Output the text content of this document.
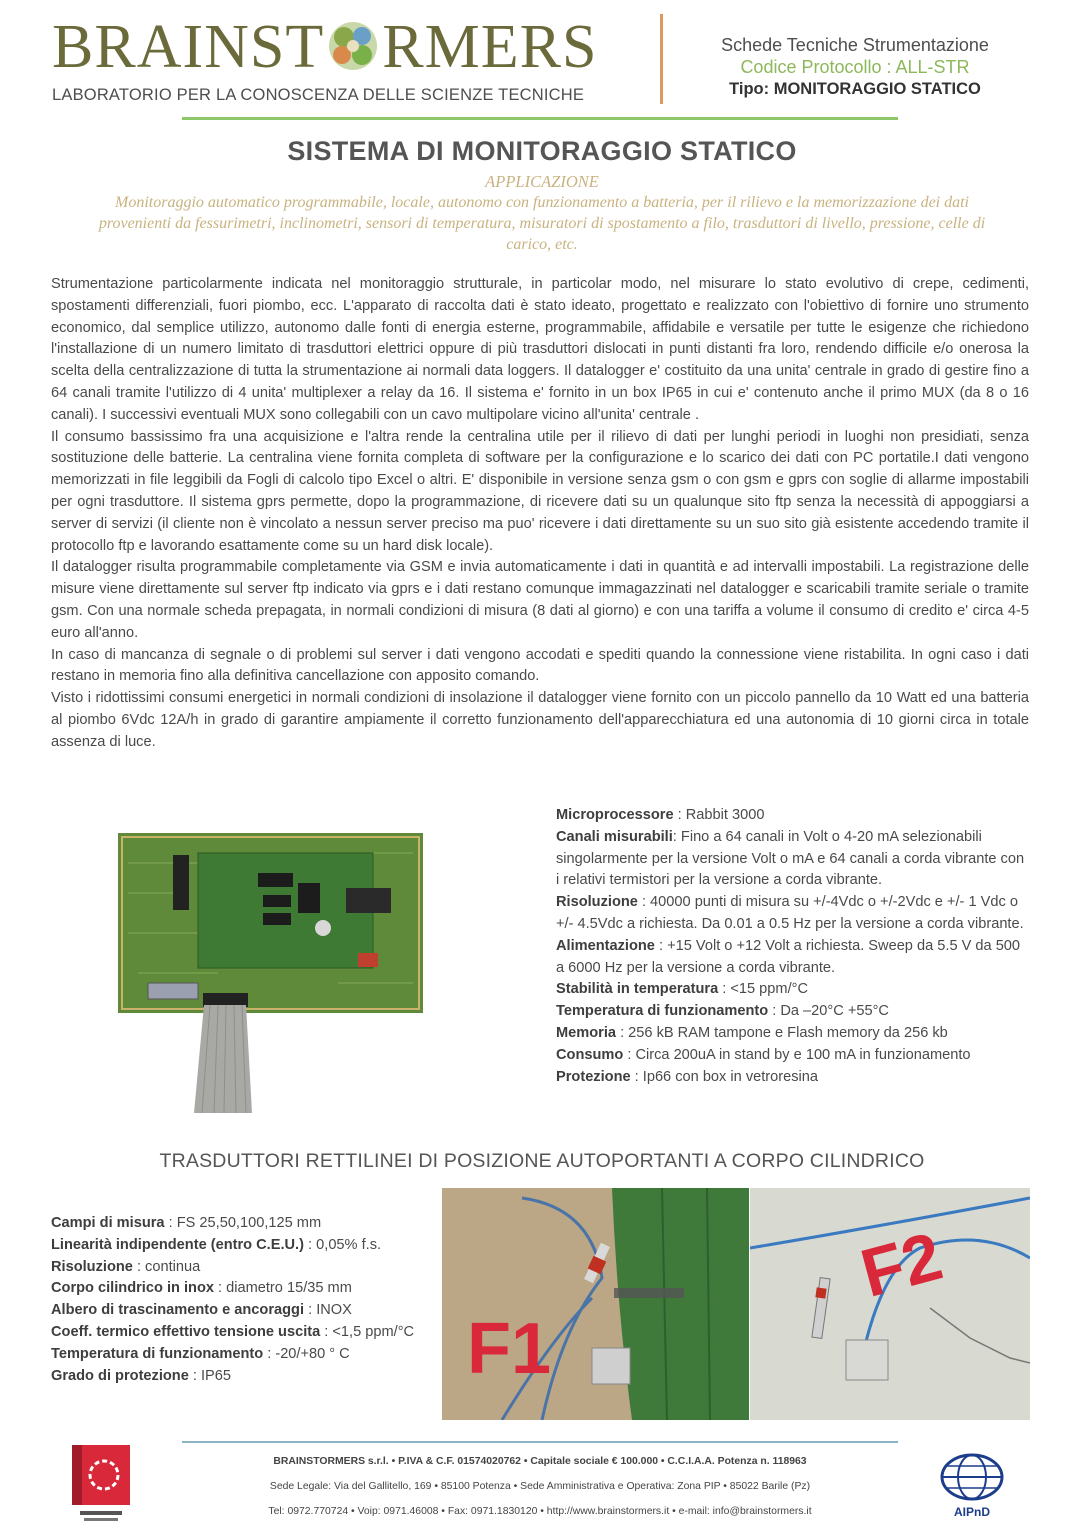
BRAINST RMERS
LABORATORIO PER LA CONOSCENZA DELLE SCIENZE TECNICHE
Schede Tecniche Strumentazione
Codice Protocollo : ALL-STR
Tipo: MONITORAGGIO STATICO
SISTEMA DI MONITORAGGIO STATICO
APPLICAZIONE
Monitoraggio automatico programmabile, locale, autonomo con funzionamento a batteria, per il rilievo e la memorizzazione dei dati provenienti da fessurimetri, inclinometri, sensori di temperatura, misuratori di spostamento a filo, trasduttori di livello, pressione, celle di carico, etc.

Strumentazione particolarmente indicata nel monitoraggio strutturale, in particolar modo, nel misurare lo stato evolutivo di crepe, cedimenti, spostamenti differenziali, fuori piombo, ecc. L'apparato di raccolta dati è stato ideato, progettato e realizzato con l'obiettivo di fornire uno strumento economico, dal semplice utilizzo, autonomo dalle fonti di energia esterne, programmabile, affidabile e versatile per tutte le esigenze che richiedono l'installazione di un numero limitato di trasduttori elettrici oppure di più trasduttori dislocati in punti distanti fra loro, rendendo difficile e/o onerosa la scelta della centralizzazione di tutta la strumentazione ai normali data loggers. Il datalogger e' costituito da una unita' centrale in grado di gestire fino a 64 canali tramite l'utilizzo di 4 unita' multiplexer a relay da 16. Il sistema e' fornito in un box IP65 in cui e' contenuto anche il primo MUX (da 8 o 16 canali). I successivi eventuali MUX sono collegabili con un cavo multipolare vicino all'unita' centrale .

Il consumo bassissimo fra una acquisizione e l'altra rende la centralina utile per il rilievo di dati per lunghi periodi in luoghi non presidiati, senza sostituzione delle batterie. La centralina viene fornita completa di software per la configurazione e lo scarico dei dati con PC portatile.I dati vengono memorizzati in file leggibili da Fogli di calcolo tipo Excel o altri. E' disponibile in versione senza gsm o con gsm e gprs con soglie di allarme impostabili per ogni trasduttore. Il sistema gprs permette, dopo la programmazione, di ricevere dati su un qualunque sito ftp senza la necessità di appoggiarsi a server di servizi (il cliente non è vincolato a nessun server preciso ma puo' ricevere i dati direttamente su un suo sito già esistente accedendo tramite il protocollo ftp e lavorando esattamente come su un hard disk locale).

Il datalogger risulta programmabile completamente via GSM e invia automaticamente i dati in quantità e ad intervalli impostabili. La registrazione delle misure viene direttamente sul server ftp indicato via gprs e i dati restano comunque immagazzinati nel datalogger e scaricabili tramite seriale o tramite gsm. Con una normale scheda prepagata, in normali condizioni di misura (8 dati al giorno) e con una tariffa a volume il consumo di credito e' circa 4-5 euro all'anno.

In caso di mancanza di segnale o di problemi sul server i dati vengono accodati e spediti quando la connessione viene ristabilita. In ogni caso i dati restano in memoria fino alla definitiva cancellazione con apposito comando.

Visto i ridottissimi consumi energetici in normali condizioni di insolazione il datalogger viene fornito con un piccolo pannello da 10 Watt ed una batteria al piombo 6Vdc 12A/h in grado di garantire ampiamente il corretto funzionamento dell'apparecchiatura ed una autonomia di 10 giorni circa in totale assenza di luce.

Microprocessore : Rabbit 3000

Canali misurabili: Fino a 64 canali in Volt o 4-20 mA selezionabili singolarmente per la versione Volt o mA e 64 canali a corda vibrante con i relativi termistori per la versione a corda vibrante.

Risoluzione : 40000 punti di misura su +/-4Vdc o +/-2Vdc e +/- 1 Vdc o +/- 4.5Vdc a richiesta. Da 0.01 a 0.5 Hz per la versione a corda vibrante.

Alimentazione : +15 Volt o +12 Volt a richiesta. Sweep da 5.5 V da 500 a 6000 Hz per la versione a corda vibrante.

Stabilità in temperatura : <15 ppm/°C

Temperatura di funzionamento : Da –20°C +55°C

Memoria : 256 kB RAM tampone e Flash memory da 256 kb

Consumo : Circa 200uA in stand by e 100 mA in funzionamento

Protezione : Ip66 con box in vetroresina

TRASDUTTORI RETTILINEI DI POSIZIONE AUTOPORTANTI A CORPO CILINDRICO

Campi di misura : FS 25,50,100,125 mm

Linearità indipendente (entro C.E.U.) : 0,05% f.s.

Risoluzione : continua

Corpo cilindrico in inox : diametro 15/35 mm

Albero di trascinamento e ancoraggi : INOX

Coeff. termico effettivo tensione uscita : <1,5 ppm/°C

Temperatura di funzionamento : -20/+80 ° C

Grado di protezione : IP65	F1
F2
BRAINSTORMERS s.r.l. • P.IVA & C.F. 01574020762 • Capitale sociale € 100.000 • C.C.I.A.A. Potenza n. 118963
Sede Legale: Via del Gallitello, 169 • 85100 Potenza • Sede Amministrativa e Operativa: Zona PIP • 85022 Barile (Pz)
Tel: 0972.770724 • Voip: 0971.46008 • Fax: 0971.1830120 • http://www.brainstormers.it • e-mail: info@brainstormers.it	AIPnD
